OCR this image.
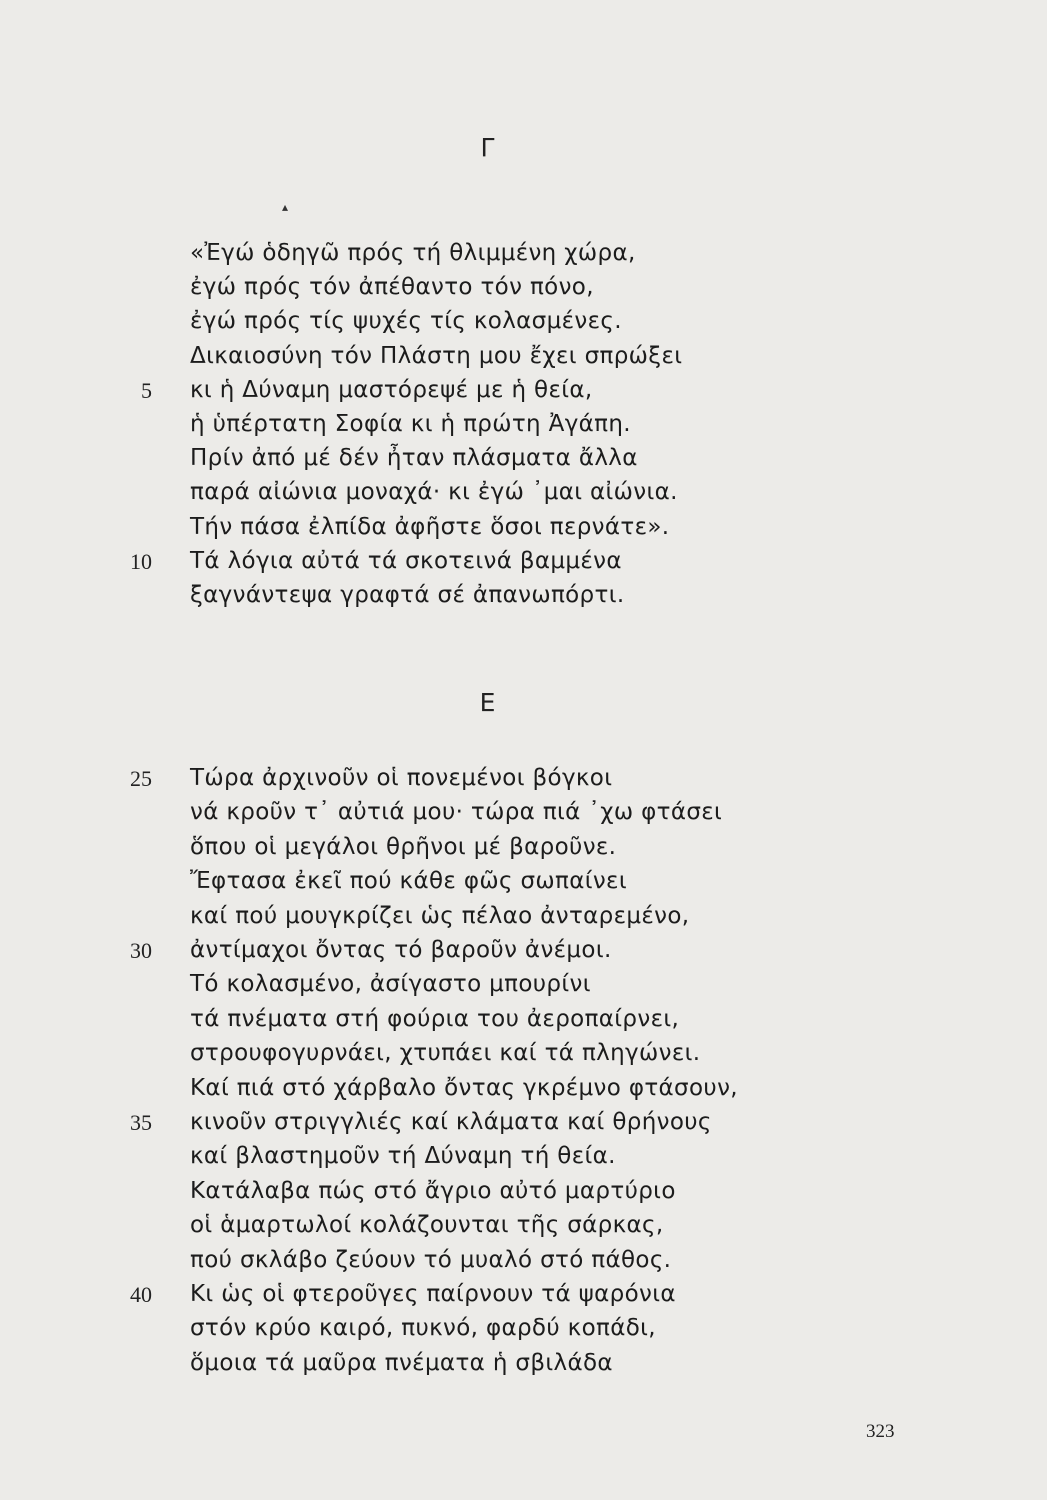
▴
Γ
«Ἐγώ ὁδηγῶ πρός τή θλιμμένη χώρα,
ἐγώ πρός τόν ἀπέθαντο τόν πόνο,
ἐγώ πρός τίς ψυχές τίς κολασμένες.
Δικαιοσύνη τόν Πλάστη μου ἔχει σπρώξει
κι ἡ Δύναμη μαστόρεψέ με ἡ θεία,
5
ἡ ὑπέρτατη Σοφία κι ἡ πρώτη Ἀγάπη.
Πρίν ἀπό μέ δέν ἦταν πλάσματα ἄλλα
παρά αἰώνια μοναχά· κι ἐγώ ᾽μαι αἰώνια.
Τήν πάσα ἐλπίδα ἀφῆστε ὅσοι περνάτε».
Τά λόγια αὐτά τά σκοτεινά βαμμένα
10
ξαγνάντεψα γραφτά σέ ἀπανωπόρτι.
Ε
Τώρα ἀρχινοῦν οἱ πονεμένοι βόγκοι
25
νά κροῦν τ᾽ αὐτιά μου· τώρα πιά ᾽χω φτάσει
ὅπου οἱ μεγάλοι θρῆνοι μέ βαροῦνε.
Ἔφτασα ἐκεῖ πού κάθε φῶς σωπαίνει
καί πού μουγκρίζει ὡς πέλαο ἀνταρεμένο,
ἀντίμαχοι ὄντας τό βαροῦν ἀνέμοι.
30
Τό κολασμένο, ἀσίγαστο μπουρίνι
τά πνέματα στή φούρια του ἀεροπαίρνει,
στρουφογυρνάει, χτυπάει καί τά πληγώνει.
Καί πιά στό χάρβαλο ὄντας γκρέμνο φτάσουν,
κινοῦν στριγγλιές καί κλάματα καί θρήνους
35
καί βλαστημοῦν τή Δύναμη τή θεία.
Κατάλαβα πώς στό ἄγριο αὐτό μαρτύριο
οἱ ἁμαρτωλοί κολάζουνται τῆς σάρκας,
πού σκλάβο ζεύουν τό μυαλό στό πάθος.
Κι ὡς οἱ φτεροῦγες παίρνουν τά ψαρόνια
40
στόν κρύο καιρό, πυκνό, φαρδύ κοπάδι,
ὅμοια τά μαῦρα πνέματα ἡ σβιλάδα
323
